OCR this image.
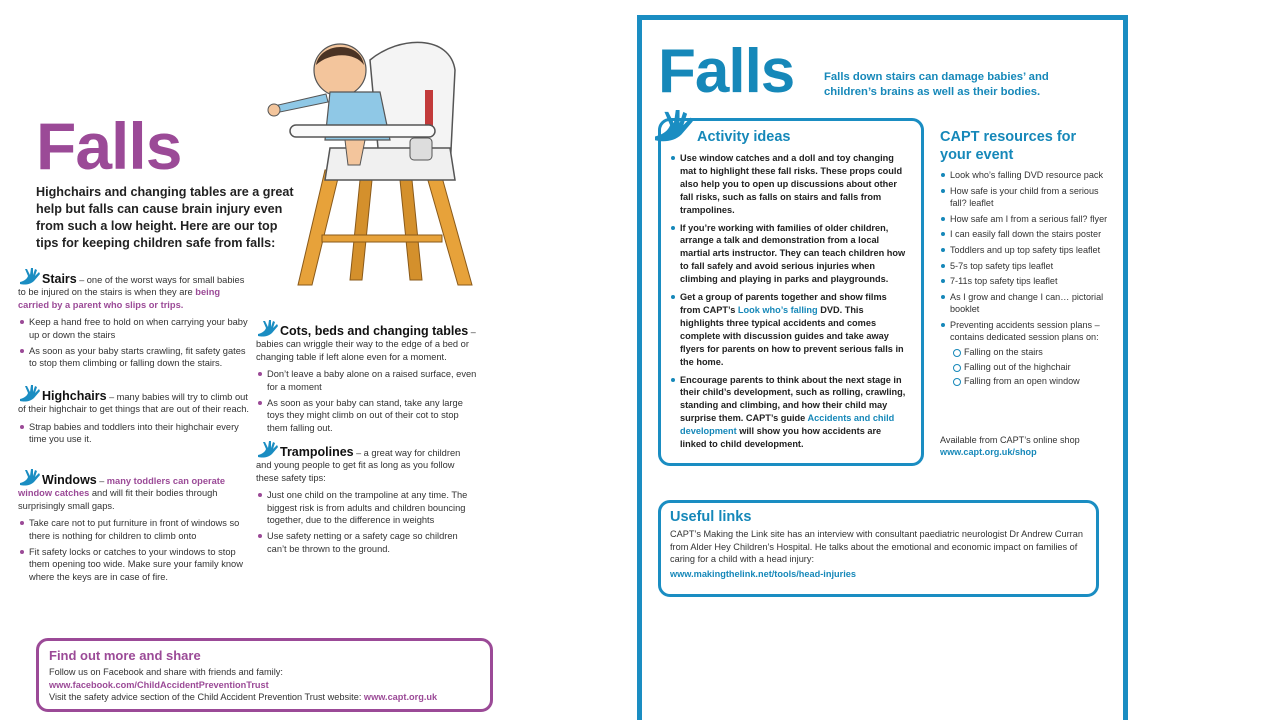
Falls
Highchairs and changing tables are a great help but falls can cause brain injury even from such a low height. Here are our top tips for keeping children safe from falls:
Stairs – one of the worst ways for small babies to be injured on the stairs is when they are being carried by a parent who slips or trips.
Keep a hand free to hold on when carrying your baby up or down the stairs
As soon as your baby starts crawling, fit safety gates to stop them climbing or falling down the stairs.
Highchairs – many babies will try to climb out of their highchair to get things that are out of their reach.
Strap babies and toddlers into their highchair every time you use it.
Windows – many toddlers can operate window catches and will fit their bodies through surprisingly small gaps.
Take care not to put furniture in front of windows so there is nothing for children to climb onto
Fit safety locks or catches to your windows to stop them opening too wide. Make sure your family know where the keys are in case of fire.
Cots, beds and changing tables – babies can wriggle their way to the edge of a bed or changing table if left alone even for a moment.
Don’t leave a baby alone on a raised surface, even for a moment
As soon as your baby can stand, take any large toys they might climb on out of their cot to stop them falling out.
Trampolines – a great way for children and young people to get fit as long as you follow these safety tips:
Just one child on the trampoline at any time. The biggest risk is from adults and children bouncing together, due to the difference in weights
Use safety netting or a safety cage so children can’t be thrown to the ground.
Find out more and share
Follow us on Facebook and share with friends and family:
www.facebook.com/ChildAccidentPreventionTrust
Visit the safety advice section of the Child Accident Prevention Trust website: www.capt.org.uk
Falls	Falls down stairs can damage babies’ and children’s brains as well as their bodies.
Activity ideas
Use window catches and a doll and toy changing mat to highlight these fall risks. These props could also help you to open up discussions about other fall risks, such as falls on stairs and falls from trampolines.
If you’re working with families of older children, arrange a talk and demonstration from a local martial arts instructor. They can teach children how to fall safely and avoid serious injuries when climbing and playing in parks and playgrounds.
Get a group of parents together and show films from CAPT’s Look who’s falling DVD. This highlights three typical accidents and comes complete with discussion guides and take away flyers for parents on how to prevent serious falls in the home.
Encourage parents to think about the next stage in their child’s development, such as rolling, crawling, standing and climbing, and how their child may surprise them. CAPT’s guide Accidents and child development will show you how accidents are linked to child development.
CAPT resources for your event
Look who’s falling DVD resource pack
How safe is your child from a serious fall? leaflet
How safe am I from a serious fall? flyer
I can easily fall down the stairs poster
Toddlers and up top safety tips leaflet
5-7s top safety tips leaflet
7-11s top safety tips leaflet
As I grow and change I can… pictorial booklet
Preventing accidents session plans – contains dedicated session plans on:
Falling on the stairs
Falling out of the highchair
Falling from an open window
Available from CAPT’s online shop
www.capt.org.uk/shop
Useful links
CAPT’s Making the Link site has an interview with consultant paediatric neurologist Dr Andrew Curran from Alder Hey Children’s Hospital. He talks about the emotional and economic impact on families of caring for a child with a head injury:
www.makingthelink.net/tools/head-injuries
